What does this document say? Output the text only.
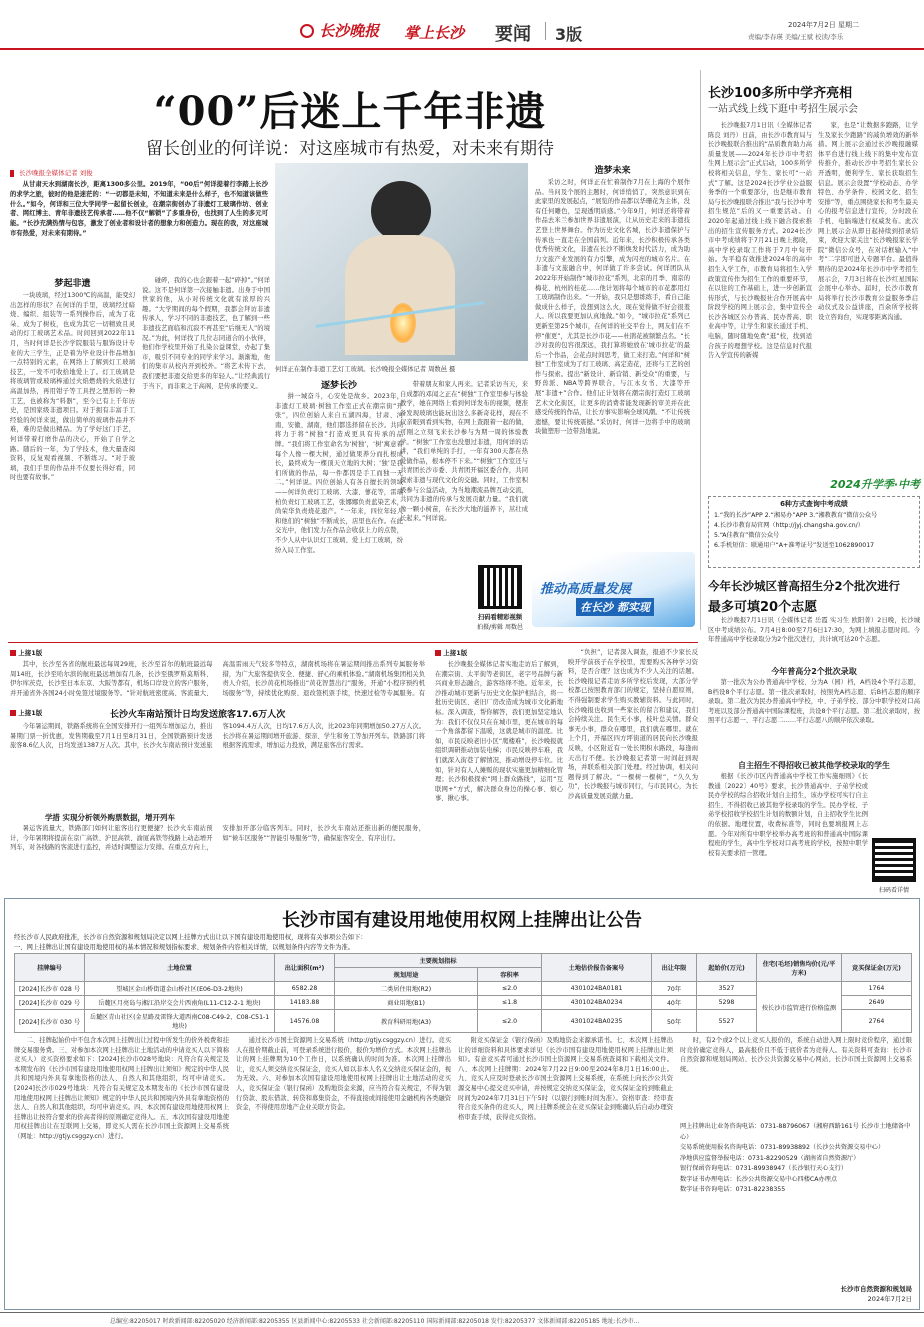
长沙晚报	掌上长沙 要闻 3版	2024年7月2日 星期二
责编/李春瑛 美编/王斌 校读/李乐
“00”后迷上千年非遗
留长创业的何详说：对这座城市有热爱，对未来有期待
长沙晚报全媒体记者 刘俊
从甘肃天水到湖南长沙，距离1300多公里。2019年，“00后”何详提着行李踏上长沙的求学之旅，彼时的他是迷茫的：“一切都是未知，不知道未来是什么样子，也不知道该做些什么。”如今，何详和三位大学同学一起留长创业，在潮宗街创办了非遗灯工玻璃作坊、创业者、网红博主、青年非遗技艺传承者……他不仅“解锁”了多重身份，也找到了人生的多元可能。“长沙充满热情与包容，激发了创业者和设计者的想象力和创造力。现在的我，对这座城市有热爱，对未来有期待。”
何详正在制作非遗工艺灯工玻璃。长沙晚报全媒体记者 周数邑 摄
梦起非遗
一块玻璃，经过1300℃的高温，能变幻出怎样的形状？在何详的手里，玻璃经过暗烧、编织、组装等一系列操作后，成为了花朵、成为了树枝，也成为其它一切精致且灵动的灯工玻璃艺术品。时间回到2022年11月，当时何详是长沙学院服装与服饰设计专业的大三学生，正是着为毕业设计作品增加一点特别的元素，在网络上了解到灯工玻璃技艺，一发不可收拾地爱上了。灯工玻璃是将玻璃管或玻璃棒通过火焰燃烧的火焰进行高温加热，再用钳子等工具捏之塑形的一种工艺，也被称为“料器”，至今已有上千年历史，是国家级非遗项目。对于拥有丰富手工经验的何详来说，做出简单的玻璃作品并不难，难的是做出精品。为了学好这门手艺，何详带着打磨作品的决心，开始了自学之路。随后的一年，为了学技术，他大量查阅资料，反复观看视频、不断练习。“对于玻璃，我们手里的作品并不仅要长得好看，同时也要有故事。”
碰碎，我的心也会跟着一起“碎掉”。”何详说。这不是何详第一次接触非遗。出身于中国世家的他，从小对传统文化就有浓厚的兴趣。“大学期间的每个假期，我都会拜访非遗传承人，学习不同的非遗技艺，也了解到一些非遗技艺面临和沉寂不再甚至“后继无人”的境况。”为此，何详找了几位志同道合的小伙伴，他们作学校里开始了扎染公益课堂，办起了集市，吸引不同专业的同学来学习。渐渐地，他们的集市从校内开到校外。“将艺术传下去，我们要把非遗交给更多的年轻人。”让经典流行于当下，而非束之于高阁，是传承的要义。	逐梦长沙
拼一城奋斗，心安处是故乡。2023年，非遗灯工玻璃·树独工作室正式在潮宗街“开张”，四位创始人来自五湖四海，甘肃、河南、安徽、湖南，他们都选择留在长沙。共同将力于将“树独”打造成更具有传承的品牌。“我们将工作室命名为‘树独’，‘树’寓意着每个人像一棵大树，通过做果养分而扎根成长，最终成为一棵顶天立地的大树；‘独’是我们所做的作品，每一件都因是手工而独一无二。”何详说。四位创始人有各自擅长的领域——何详负责灯工玻璃、大漆、蓼花等，雷瑞柏负责灯工玻璃工艺，张娜娜负责蓝染艺术，尚荣华负责烧花遗产。“一年来，四位年轻人和他们的“树独”不断成长，店里也在作。在此交光中，他们发力在作品会收获上力的点赞，不少人从中认识灯工玻璃、爱上灯工玻璃，纷纷入局工作室。
带着朋友和家人再来。记者采访当天，来自成都的邓闻之正在“树独”工作室里参与体验教学，她在网络上看到何详发布的视频，便准备发现玻璃也能玩出这么多新奇花样，现在不仅亲眼到看到实物，在网上查跟着一起的做，可刚之立刻飞来长沙参与为期一周的体验教学。“树独”工作室也没想过非遗，用何详的话讲，“我们单纯的手打，一年有300天都在热爱做作品，根本停不下来。”“树独”工作室还与共青团长沙市委、共青团开福区委合作，共同探索非遗与现代文化的交融。同时，工作室积极参与公益活动，为当地潮流品牌互动交流，共同为非遗的传承与发展贡献力量。“我们就像一颗小树苗，在长沙大地的滋养下，茁壮成长起来。”何详说。
造梦未来
采访之时，何详正在忙着制作7月在上海的个展作品。当问及个展的主题时，何详悄悄了，突然意识到在此家里的发展起点，“展览的作品都以华珊花为主体，没有任何雕色，呈现透明质感。”今年9月，何详还将带着作品去米兰参加世界非遗展演，让从历史走来的非遗技艺登上世界舞台。作为历史文化名城，长沙非遗保护与传承也一直走在全国前列。近年来，长沙积极传承各类优秀传统文化，非遗在长沙不断焕发时代活力，成为助力文旅产业发展的有力引擎，成为闪亮的城市名片。在非遗与文旅融合中，何详做了许多尝试。何详团队从2022年开始制作“城市拉花”系列，北京的月季、南京的梅花、杭州的桂花……他计划将每个城市的市花都用灯工玻璃制作出来。“一开始，我只是想练练手，看自己能做成什么样子，没想到这么火，现在觉得做不好会很羞人。所以我要更加认真地做。”如今，“城市拉花”系列已更新至第25个城市，在何详的社交平台上，网友们在不停“催更”，尤其是长沙市花——杜鹃花被频繁点名。“长沙对我的包容很深远，我打算将她放在‘城市拉花’的最后一个作品，会花点时间思考，做工来打造。”何详和“树独”工作室成为了灯工玻璃、高定造花，还将与工艺的创作与探索。提出“新设计、新营销、新受众”的重要，与野兽派、NBA等跨界联合，与江永女书、大漆等开展“非遗+”合作。他们正计划将在潮宗街打造灯工玻璃艺术文化街区，让更多的消费者能发现新的审美并在此感受传统的作品，让长方事实影响全球风潮。“不让传统遗憾，要让传统震撼。”采访时，何详一边将手中的玻璃块做塑形一边带劲地说。
扫码看精彩视频
拍摄/剪辑 周数邑
推动高质量发展
在长沙 都实现
长沙100多所中学齐亮相
一站式线上线下逛中考招生展示会
长沙晚报7月1日讯（全媒体记者 陈良 刘丹）日前，由长沙市教育局与长沙晚报联合推出的“品质教育助力高质量发展——2024年长沙市中考招生网上展示会”正式启动，100多所学校将相关信息，学生、家长可“一站式”了解。这是2024长沙学业公益服务季的一个重要部分，也是继市教育局与长沙晚报联合推出“我与长沙中考招生规范”后的又一重要活动。自2020年起通过线上线下融合探索推出的招生宣传服务方式。2024长沙市中考成绩将于7月21日晚上揭晓，高中学校录取工作将于7月中旬开始。为平稳有效推进2024年的高中招生入学工作，市教育局将招生入学政策宣传作为招生工作的重要环节，在以往的工作基础上，进一步创新宣传形式，与长沙晚报社合作开展高中阶段学校的网上展示会，集中宣传全长沙各城区公办普高、民办普高、职业高中等，让学生和家长通过手机、电脑，随时随地免费“逛”校，找到适合孩子的理想学校。这是信息时代报告入学宣传的新媒
家，也是“让数据多跑路，让学生及家长少跑路”的减负增效的新举措。网上展示会通过长沙晚报融媒体平台进行线上线下的集中发布宣传推介，推动长沙中考招生家长公开透明，便利学生、家长获取招生信息。展示会设置“学校动态、办学特色、办学条件、校园文化、招生安排”等，重点围绕家长和考生最关心的报考信息进行宣传，分时段在手机、电脑端进行权威发布。此次网上展示会从即日起持续到招录结束，欢迎大家关注“长沙晚报家长学院”微信公众号，在对话框输入“中考”二字即可进入专题平台。最值得期待的是2024年长沙市中学考招生展示会，7月3日将在长沙红星国际会展中心举办。届时，长沙市教育局将举行长沙市教育公益服务季启动仪式及公益讲座，百余所学校将设立咨询台，实现零距离沟通。
2024升学季·中考
6种方式查询中考成绩
1.“我的长沙”APP 2.“湘易办”APP 3.“湘教教育”微信公众号
4.长沙市教育局官网（http://jyj.changsha.gov.cn/）
5.“A佳教育”微信公众号
6.手机短信：联通用户“A+准考证号”发送至1062890017
今年长沙城区普高招生分2个批次进行
最多可填20个志愿
长沙晚报7月1日讯（全媒体记者 岳霞 实习生 欧阳菁）2日晚，长沙城区中考成绩公布。7月4日8:00至7月6日17:30，为网上填报志愿时间。今年普通高中学校录取分为2个批次进行，共计填可达20个志愿。
今年普高分2个批次录取
第一批次为公办普通高中学校、分为A（园）档，A档设4个平行志愿，B档设8个平行志愿。第一批次录取时，按照先A档志愿、后B档志愿的顺序录取。第二批次为民办普通高中学校，中、子弟学校、部分中职学校对口高考班以及部分普通高中国际课程班，共设8个平行志愿。第二批次录取时，按照平行志愿一、平行志愿二……平行志愿八的顺序依次录取。
自主招生不得招收已被其他学校录取的学生
根据《长沙市区内普通高中学校工作实施细则》《长教通〔2022〕40号》要求，长沙普通高中、子弟学校或民办学校的综合招收计划自主招生，该办学校可实行自主招生、不得招收已被其他学校录取的学生。民办学校、子弟学校招收学校招生计划的数额计划，自主招收学生比例的依据。地理位置，收费标准等，同时也要填报网上志愿。今年对所有中职学校举办高考班的和普通高中国际课程班的学生，高中生学校对口高考班的学校，按照中职学校有关要求招一管理。
扫码看详情
上接1版
其中，长沙至各省的航班最远每周29班，长沙至首尔的航班最远每周14班，长沙至哈尔滨的航班最远增加有几条，长沙至俄罗斯莫斯科、伊尔库茨克，长沙至日本东京、大阪等都有，机场口岸设立的客户服务，并开通省外各国24小时免签过境服务等。“针对航班密度高、客流量大、高温雷雨天气较多等特点，湖南机场将在暑运期间推出系列专属服务举措，为广大旅客提供安全、便捷、舒心的乘机体验。”湖南机场集团相关负责人介绍，长沙黄花机场推出“黄花智慧出行”服务，开通“小程序预约机场服务”等，持续优化购票、退改签机票手续，快速过检等专属服务。有
上接1版	长沙火车南站预计日均发送旅客17.6万人次
今年暑运期间，铁路系统将在全国安排开行一组列车增加运力，推出暑期门票一折优惠，发售期截至7月1日至8月31日，全国铁路预计发送旅客8.6亿人次，日均发送1387万人次。其中，长沙火车南站预计发送旅客1094.4万人次，日均17.6万人次，比2023年同期增加50.27万人次。长沙将在暑运期间增开旅游、探亲、学生和务工等加开列车。铁路部门将根据客流需求，增加运力投放，满足旅客出行需求。
学措 实现分析领外购票数据，增开列车
暑运客流量大，铁路部门如何让旅客出行更便捷？长沙火车南站预计，今年暑期将提前在京广高铁、沪昆高铁、渝厦高铁等线路上动态增开列车，对各线路的客流进行监控，并适时调整运力安排。在重点方向上，安排加开部分临客列车。同时，长沙火车南站还推出新的便民服务，如“候车区服务”“智能引导服务”等，确保旅客安全、有序出行。
上接1版
长沙晚报全媒体记者实地走访后了解到，在潮宗街、太平街等老街区，老字号品牌与新兴商业形态融合，游客络绎不绝。近年来，长沙推动城市更新与历史文化保护相结合，将一批历史街区、老旧厂房改造成为城市文化新地标。深入调查，帮你解答，我们更加坚定地认为：我们不仅仅只在在城市里，更在城市的每一个角落都留下温暖，这就是城市的温度。比如，市民反映老旧小区“爬楼难”，长沙晚报就组织调研推动加装电梯；市民反映停车难，我们就深入街巷了解情况，推动增设停车位。比如，针对有人人摊贩的现状实施更加精细化管理；长沙积极探索“网上群众路线”，运用“互联网+”方式，解决群众身边的操心事、烦心事、揪心事。
“负担”，记者深入调查，报道不少家长反映开学前孩子在学校里，需要购买各种学习资料，是否合理？这也成为不少人关注的话题。长沙晚报记者走访多所学校后发现，大部分学校都已按照教育部门的规定，坚持自愿原则，不得强制要求学生购买教辅资料。与此同时，长沙晚报也收到一些家长的留言和建议，我们会持续关注。民生无小事，枝叶总关情。群众事无小事，群众在哪里，我们就在哪里。就在上个月，开福区四方坪街道的居民向长沙晚报反映，小区附近有一处长期积水路段，每逢雨天出行不便。长沙晚报记者第一时间赶到现场，并联系相关部门处理。经过协调，相关问题得到了解决。“一棵树一棵树”，“久久为功”，长沙晚报与城市同行，与市民同心，为长沙高质量发展贡献力量。
长沙市国有建设用地使用权网上挂牌出让公告
经长沙市人民政府批准，长沙市自然资源和规划局决定以网上挂牌方式出让以下国有建设用地使用权，现将有关事项公告如下：
一、网上挂牌出让国有建设用地使用权的基本情况和规划指标要求、规划条件内容相关详情，以规划条件内容等文件为准。
挂牌编号	土地位置	出让面积(m²)	主要规划指标		土地估价报告备案号	出让年限	起始价(万元)	住宅(毛坯)销售均价(元/平方米)	竞买保证金(万元)
			规划用途	容积率					
[2024]长沙市 028 号	望城区金山桥街道金山桥社区(E06-D3-2地块)	6582.28	二类居住用地(R2)	≤2.0	4301024BA0181	70年	3527	按长沙市监管进行价格监测	1764
[2024]长沙市 029 号	岳麓区月亮岛与湘江沿岸交会片西南角(L11-C12-2-1 地块)	14183.88	商业用地(B1)	≤1.8	4301024BA0234	40年	5298		2649
[2024]长沙市 030 号	岳麓区青山社区(金星路及雷锋大道西南C08-C49-2、C08-C51-1地块)	14576.08	教育科研用地(A3)	≤2.0	4301024BA0235	50年	5527		2764
二、挂牌起始价中不包含本次网上挂牌出让过程中所发生的价外税费和挂牌交易服务费。三、对参加本次网上挂牌出让土地活动的申请竞买人以下简称竞买人）竞买资格要求如下：[2024]长沙市028号地块：凡符合有关规定及本期发布的《长沙市国有建设用地使用权网上挂牌出让须知》规定的中华人民共和国境内外具有拿地资格的法人、自然人和其他组织，均可申请竞买。[2024]长沙市029号地块：凡符合有关规定及本期发布的《长沙市国有建设用地使用权网上挂牌出让须知》规定的中华人民共和国境内外具有拿地资格的法人、自然人和其他组织，均可申请竞买。四、本次国有建设用地使用权网上挂牌出让按符合要求的价高者得的原则确定竞得人。五、本次国有建设用地使用权挂牌出让在互联网上交易，即竞买人需在长沙市国土资源网上交易系统（网址：http://gtjy.csggzy.cn）进行。
通过长沙市国土资源网上交易系统（http://gtjy.csggzy.cn）进行。竞买人在报价期截止前，可登录系统进行报价，报价为增价方式。本次网上挂牌出让的网上挂牌期为10个工作日，以系统确认的时间为准。本次网上挂牌出让，竞买人须交纳竞买保证金，竞买人如以非本人名义交纳竞买保证金的，视为无效。六、对参加本次国有建设用地使用权网上挂牌出让土地活动的竞买人，竞买保证金（银行保函）及购地资金来源，应当符合有关规定，不得为银行贷款、股东借款、转贷和募集资金，不得直接或间接使用金融机构各类融资资金，不得使用房地产企业关联方资金。
附竞买保证金（银行保函）及购地资金来源承诺书。七、本次网上挂牌出让的详细资料和具体要求详见《长沙市国有建设用地使用权网上挂牌出让须知》。有意竞买者可通过长沙市国土资源网上交易系统查阅和下载相关文件。八、本次网上挂牌期：2024年7月22日9:00至2024年8月1日16:00止。九、竞买人应及时登录长沙市国土资源网上交易系统，在系统上向长沙公共资源交易中心提交竞买申请，并按规定交纳竞买保证金，竞买保证金的到账截止时间为2024年7月31日下午5时（以银行到账时间为准）。资格审查：经审查符合竞买条件的竞买人，网上挂牌系统会在竞买保证金到账确认后自动办理资格审查手续，获得竞买资格。
时，有2个或2个以上竞买人报价的，系统自动进入网上限时竞价程序，通过限时竞价确定竞得人，最高报价且不低于底价者为竞得人。有关资料可查询：长沙市自然资源和规划局网站、长沙公共资源交易中心网站、长沙市国土资源网上交易系统。
网上挂牌出让业务咨询电话：0731-88796067（湘府西路161号 长沙市土地储备中心）
交易系统使用报名咨询电话：0731-89938892（长沙公共资源交易中心）
净地供应监督举报电话：0731-82290529（湖南省自然资源厅）
银行保函咨询电话：0731-89938947（长沙银行天心支行）
数字证书办理电话：长沙公共资源交易中心四楼CA办理点
数字证书咨询电话：0731-82238355
长沙市自然资源和规划局
2024年7月2日
总编室:82205017 时政新闻部:82205020 经济新闻部:82205355 区县新闻中心:82205533 社会新闻部:82205110 国际新闻部:82205018 发行:82205377 文体新闻部:82205185 地址:长沙市...
